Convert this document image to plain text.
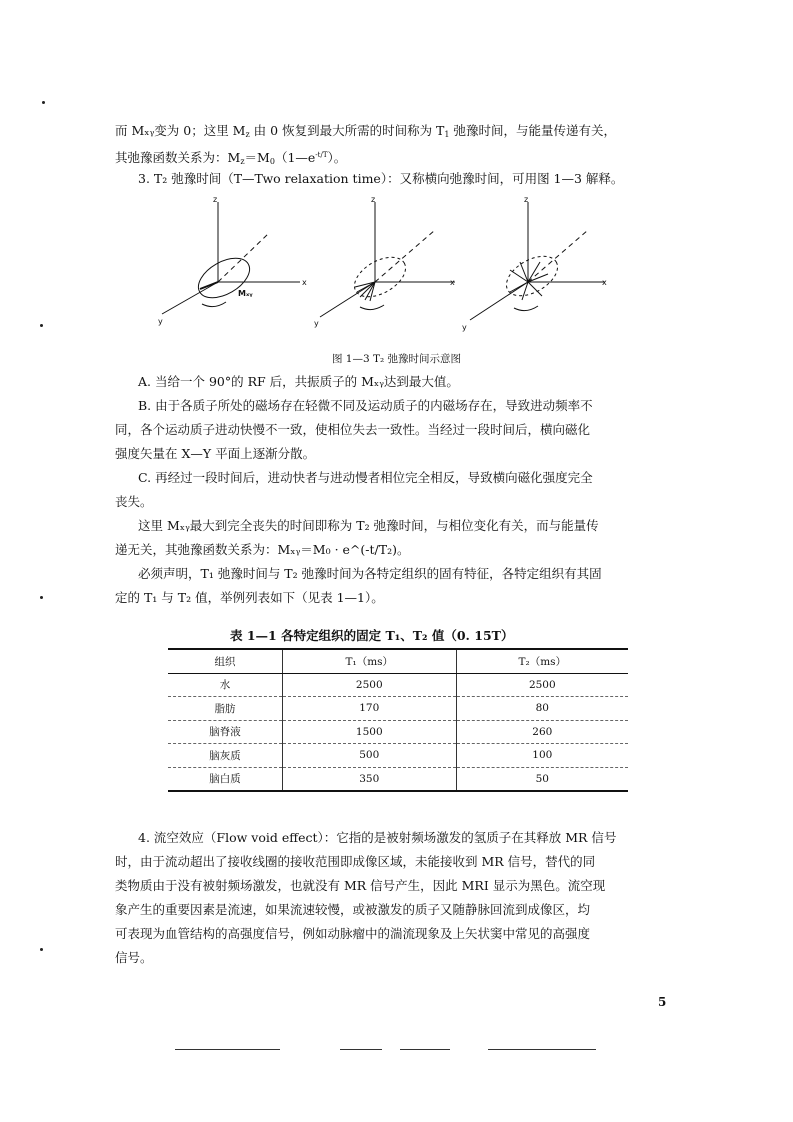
而 Mₓᵧ变为 0；这里 $M_z$ 由 0 恢复到最大所需的时间称为 $T_1$ 弛豫时间，与能量传递有关，
其弛豫函数关系为：$M_z=M_0(1—e^{-t/T})$。
3. T₂ 弛豫时间（T—Two relaxation time）：又称横向弛豫时间，可用图 1—3 解释。
z
x
y
Mₓᵧ
z
x
y
z
x
y
图 1—3 T₂ 弛豫时间示意图
A. 当给一个 90°的 RF 后，共振质子的 Mₓᵧ达到最大值。
B. 由于各质子所处的磁场存在轻微不同及运动质子的内磁场存在，导致进动频率不
同，各个运动质子进动快慢不一致，使相位失去一致性。当经过一段时间后，横向磁化
强度矢量在 X—Y 平面上逐渐分散。
C. 再经过一段时间后，进动快者与进动慢者相位完全相反，导致横向磁化强度完全
丧失。
这里 Mₓᵧ最大到完全丧失的时间即称为 T₂ 弛豫时间，与相位变化有关，而与能量传
递无关，其弛豫函数关系为：Mₓᵧ＝M₀ · e^(-t/T₂)。
必须声明，T₁ 弛豫时间与 T₂ 弛豫时间为各特定组织的固有特征，各特定组织有其固
定的 T₁ 与 T₂ 值，举例列表如下（见表 1—1）。
表 1—1 各特定组织的固定 T₁、T₂ 值（0. 15T）
组织	T₁（ms）	T₂（ms）
水	2500	2500
脂肪	170	80
脑脊液	1500	260
脑灰质	500	100
脑白质	350	50
4. 流空效应（Flow void effect）：它指的是被射频场激发的氢质子在其释放 MR 信号
时，由于流动超出了接收线圈的接收范围即成像区域，未能接收到 MR 信号，替代的同
类物质由于没有被射频场激发，也就没有 MR 信号产生，因此 MRI 显示为黑色。流空现
象产生的重要因素是流速，如果流速较慢，或被激发的质子又随静脉回流到成像区，均
可表现为血管结构的高强度信号，例如动脉瘤中的湍流现象及上矢状窦中常见的高强度
信号。
5
